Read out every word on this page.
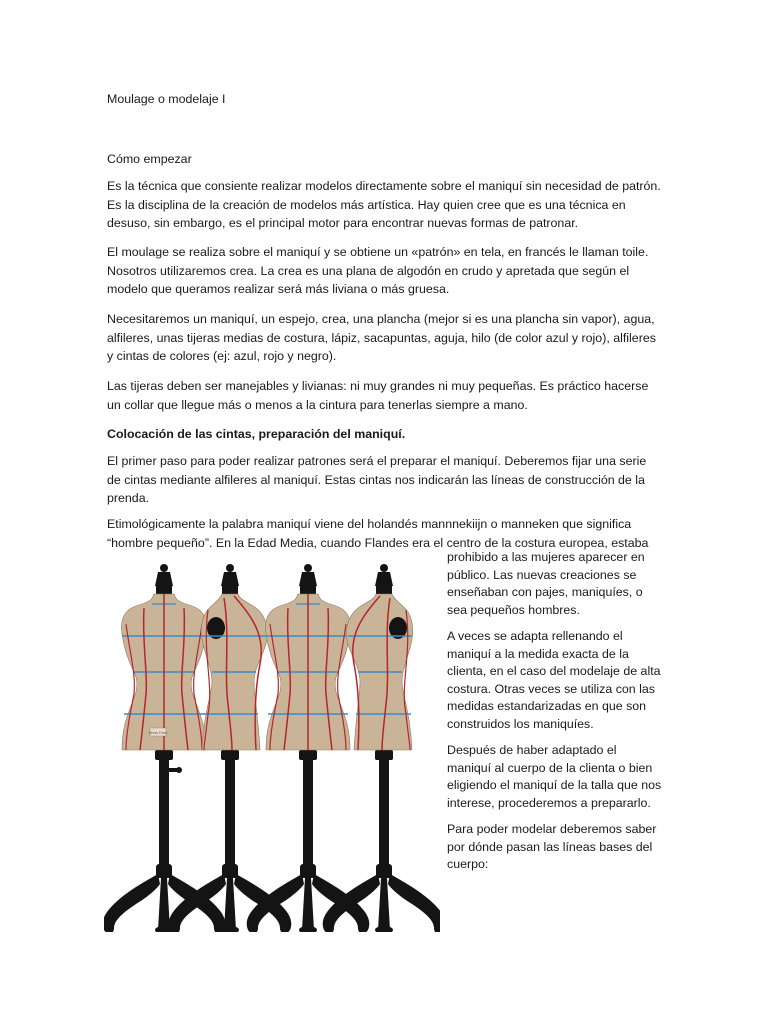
Moulage o modelaje I
Cómo empezar

Es la técnica que consiente realizar modelos directamente sobre el maniquí sin necesidad de patrón. Es la disciplina de la creación de modelos más artística. Hay quien cree que es una técnica en desuso, sin embargo, es el principal motor para encontrar nuevas formas de patronar.

El moulage se realiza sobre el maniquí y se obtiene un «patrón» en tela, en francés le llaman toile. Nosotros utilizaremos crea. La crea es una plana de algodón en crudo y apretada que según el modelo que queramos realizar será más liviana o más gruesa.

Necesitaremos un maniquí, un espejo, crea, una plancha (mejor si es una plancha sin vapor), agua, alfileres, unas tijeras medias de costura, lápiz, sacapuntas, aguja, hilo (de color azul y rojo), alfileres y cintas de colores (ej: azul, rojo y negro).

Las tijeras deben ser manejables y livianas: ni muy grandes ni muy pequeñas. Es práctico hacerse un collar que llegue más o menos a la cintura para tenerlas siempre a mano.

Colocación de las cintas, preparación del maniquí.

El primer paso para poder realizar patrones será el preparar el maniquí. Deberemos fijar una serie de cintas mediante alfileres al maniquí. Estas cintas nos indicarán las líneas de construcción de la prenda.

Etimológicamente la palabra maniquí viene del holandés mannnekiijn o manneken que significa “hombre pequeño”. En la Edad Media, cuando Flandes era el centro de la costura europea, estaba

prohibido a las mujeres aparecer en público. Las nuevas creaciones se enseñaban con pajes, maniquíes, o sea pequeños hombres.

A veces se adapta rellenando el maniquí a la medida exacta de la clienta, en el caso del modelaje de alta costura. Otras veces se utiliza con las medidas estandarizadas en que son construidos los maniquíes.

Después de haber adaptado el maniquí al cuerpo de la clienta o bien eligiendo el maniquí de la talla que nos interese, procederemos a prepararlo.

Para poder modelar deberemos saber por dónde pasan las líneas bases del cuerpo:

Dress Form
